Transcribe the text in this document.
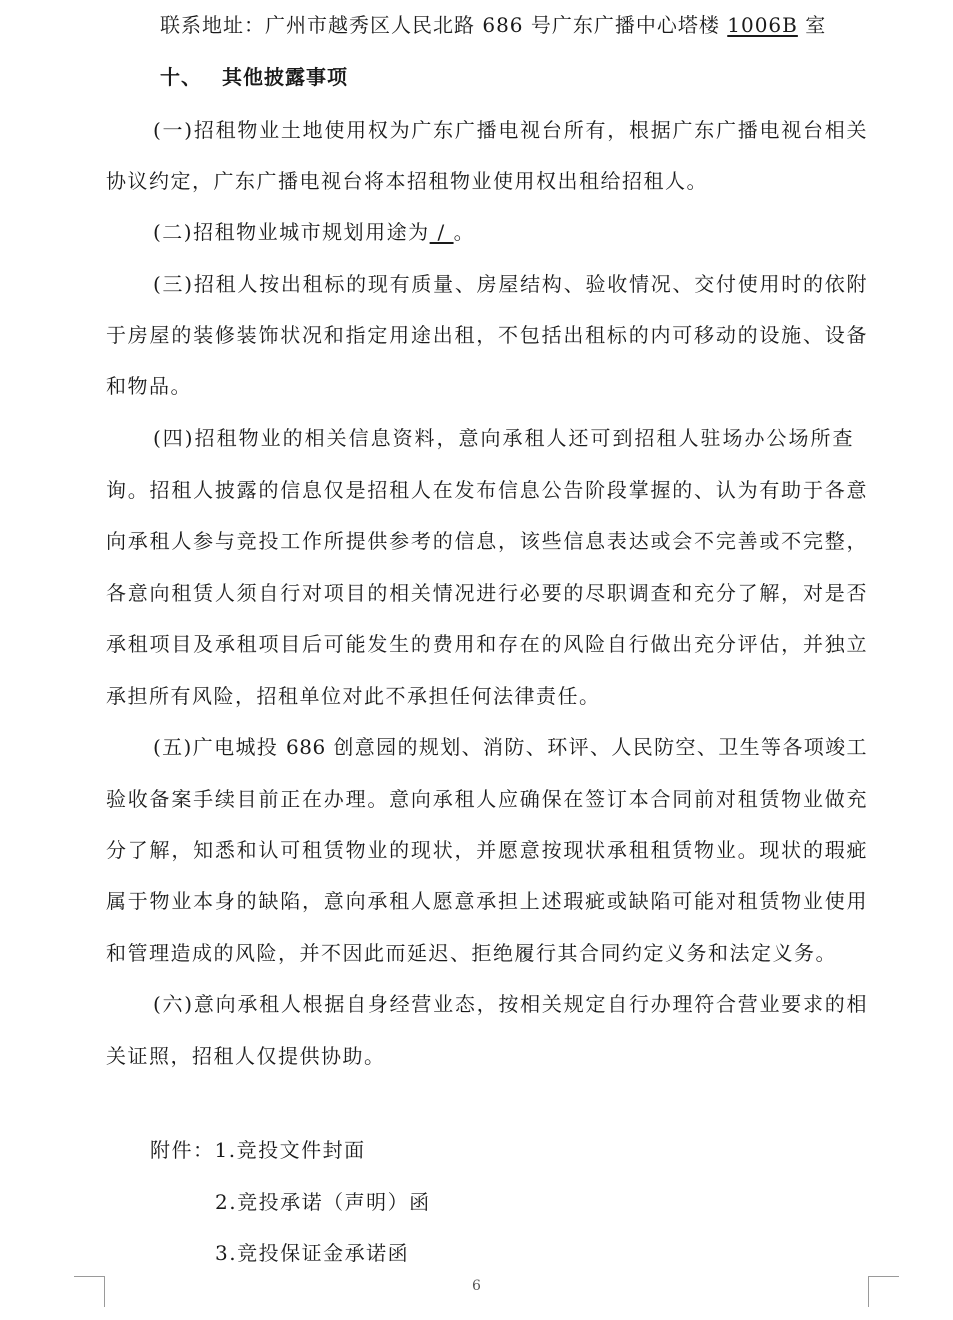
联系地址：广州市越秀区人民北路 686 号广东广播中心塔楼 1006B 室
十、 其他披露事项
(一)招租物业土地使用权为广东广播电视台所有，根据广东广播电视台相关
协议约定，广东广播电视台将本招租物业使用权出租给招租人。
(二)招租物业城市规划用途为 / 。
(三)招租人按出租标的现有质量、房屋结构、验收情况、交付使用时的依附
于房屋的装修装饰状况和指定用途出租，不包括出租标的内可移动的设施、设备
和物品。
(四)招租物业的相关信息资料，意向承租人还可到招租人驻场办公场所查
询。招租人披露的信息仅是招租人在发布信息公告阶段掌握的、认为有助于各意
向承租人参与竞投工作所提供参考的信息，该些信息表达或会不完善或不完整，
各意向租赁人须自行对项目的相关情况进行必要的尽职调查和充分了解，对是否
承租项目及承租项目后可能发生的费用和存在的风险自行做出充分评估，并独立
承担所有风险，招租单位对此不承担任何法律责任。
(五)广电城投 686 创意园的规划、消防、环评、人民防空、卫生等各项竣工
验收备案手续目前正在办理。意向承租人应确保在签订本合同前对租赁物业做充
分了解，知悉和认可租赁物业的现状，并愿意按现状承租租赁物业。现状的瑕疵
属于物业本身的缺陷，意向承租人愿意承担上述瑕疵或缺陷可能对租赁物业使用
和管理造成的风险，并不因此而延迟、拒绝履行其合同约定义务和法定义务。
(六)意向承租人根据自身经营业态，按相关规定自行办理符合营业要求的相
关证照，招租人仅提供协助。
附件：1.竞投文件封面
2.竞投承诺（声明）函
3.竞投保证金承诺函
6
